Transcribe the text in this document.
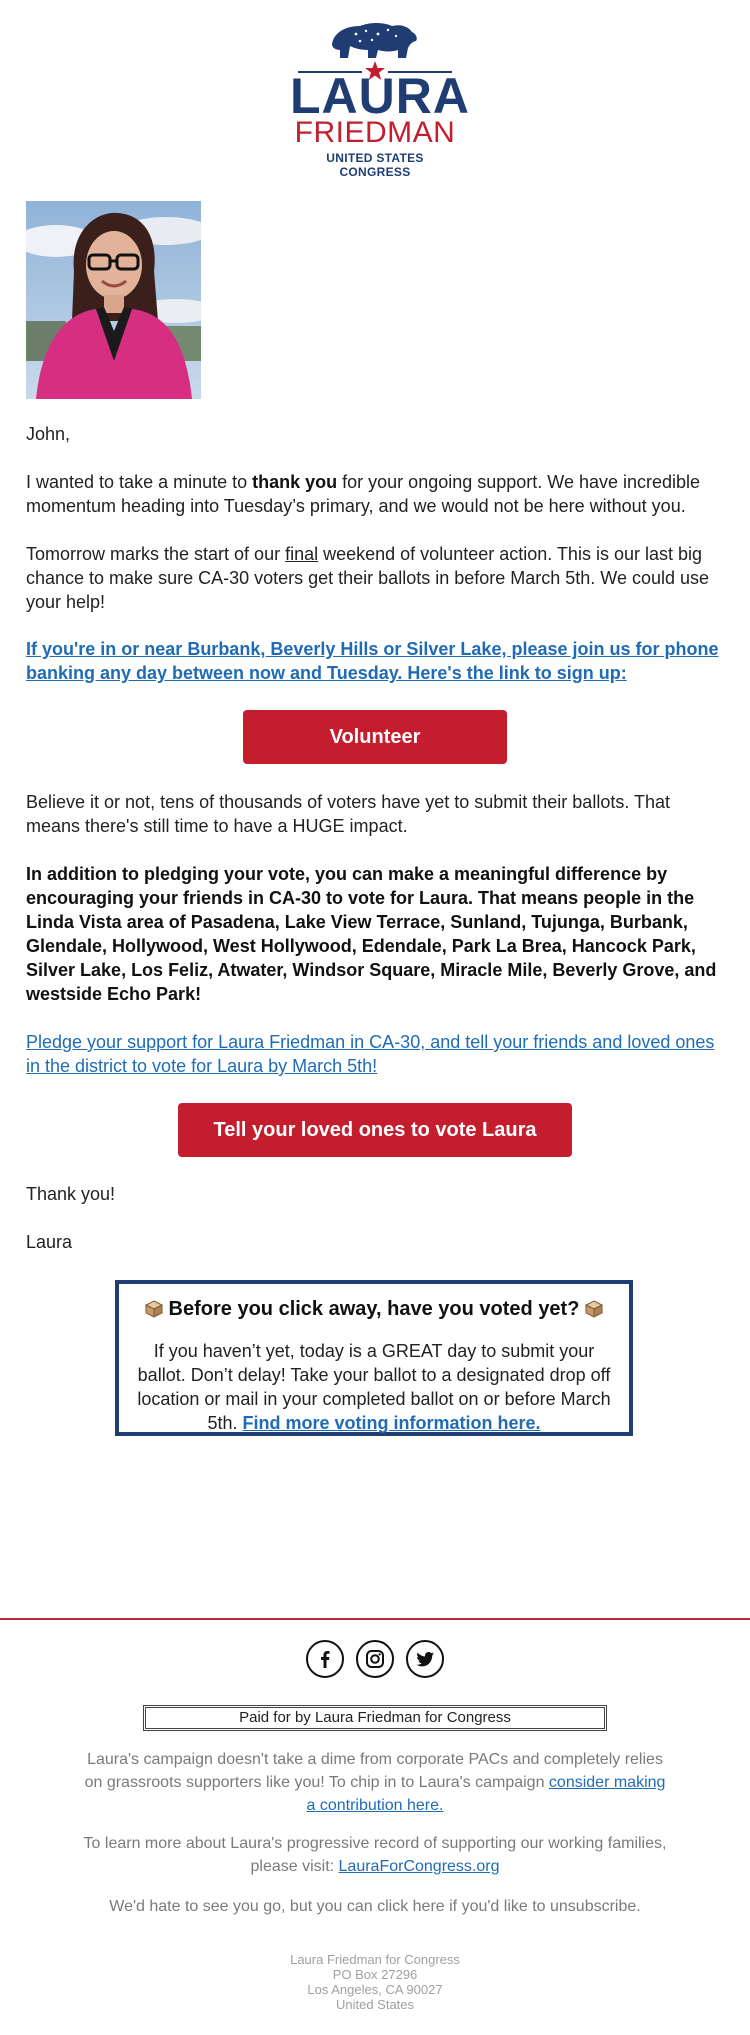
LAURA
FRIEDMAN
UNITED STATES CONGRESS

John,

I wanted to take a minute to thank you for your ongoing support. We have incredible momentum heading into Tuesday’s primary, and we would not be here without you.

Tomorrow marks the start of our final weekend of volunteer action. This is our last big chance to make sure CA-30 voters get their ballots in before March 5th. We could use your help!

If you're in or near Burbank, Beverly Hills or Silver Lake, please join us for phone banking any day between now and Tuesday. Here's the link to sign up:

Volunteer

Believe it or not, tens of thousands of voters have yet to submit their ballots. That means there's still time to have a HUGE impact.

In addition to pledging your vote, you can make a meaningful difference by encouraging your friends in CA-30 to vote for Laura. That means people in the Linda Vista area of Pasadena, Lake View Terrace, Sunland, Tujunga, Burbank, Glendale, Hollywood, West Hollywood, Edendale, Park La Brea, Hancock Park, Silver Lake, Los Feliz, Atwater, Windsor Square, Miracle Mile, Beverly Grove, and westside Echo Park!

Pledge your support for Laura Friedman in CA-30, and tell your friends and loved ones in the district to vote for Laura by March 5th!

Tell your loved ones to vote Laura

Thank you!

Laura

Before you click away, have you voted yet?
If you haven’t yet, today is a GREAT day to submit your ballot. Don’t delay! Take your ballot to a designated drop off location or mail in your completed ballot on or before March 5th. Find more voting information here.
Paid for by Laura Friedman for Congress

Laura's campaign doesn't take a dime from corporate PACs and completely relies on grassroots supporters like you! To chip in to Laura's campaign consider making a contribution here.

To learn more about Laura's progressive record of supporting our working families, please visit: LauraForCongress.org

We'd hate to see you go, but you can click here if you'd like to unsubscribe.

Laura Friedman for Congress
PO Box 27296
Los Angeles, CA 90027
United States
